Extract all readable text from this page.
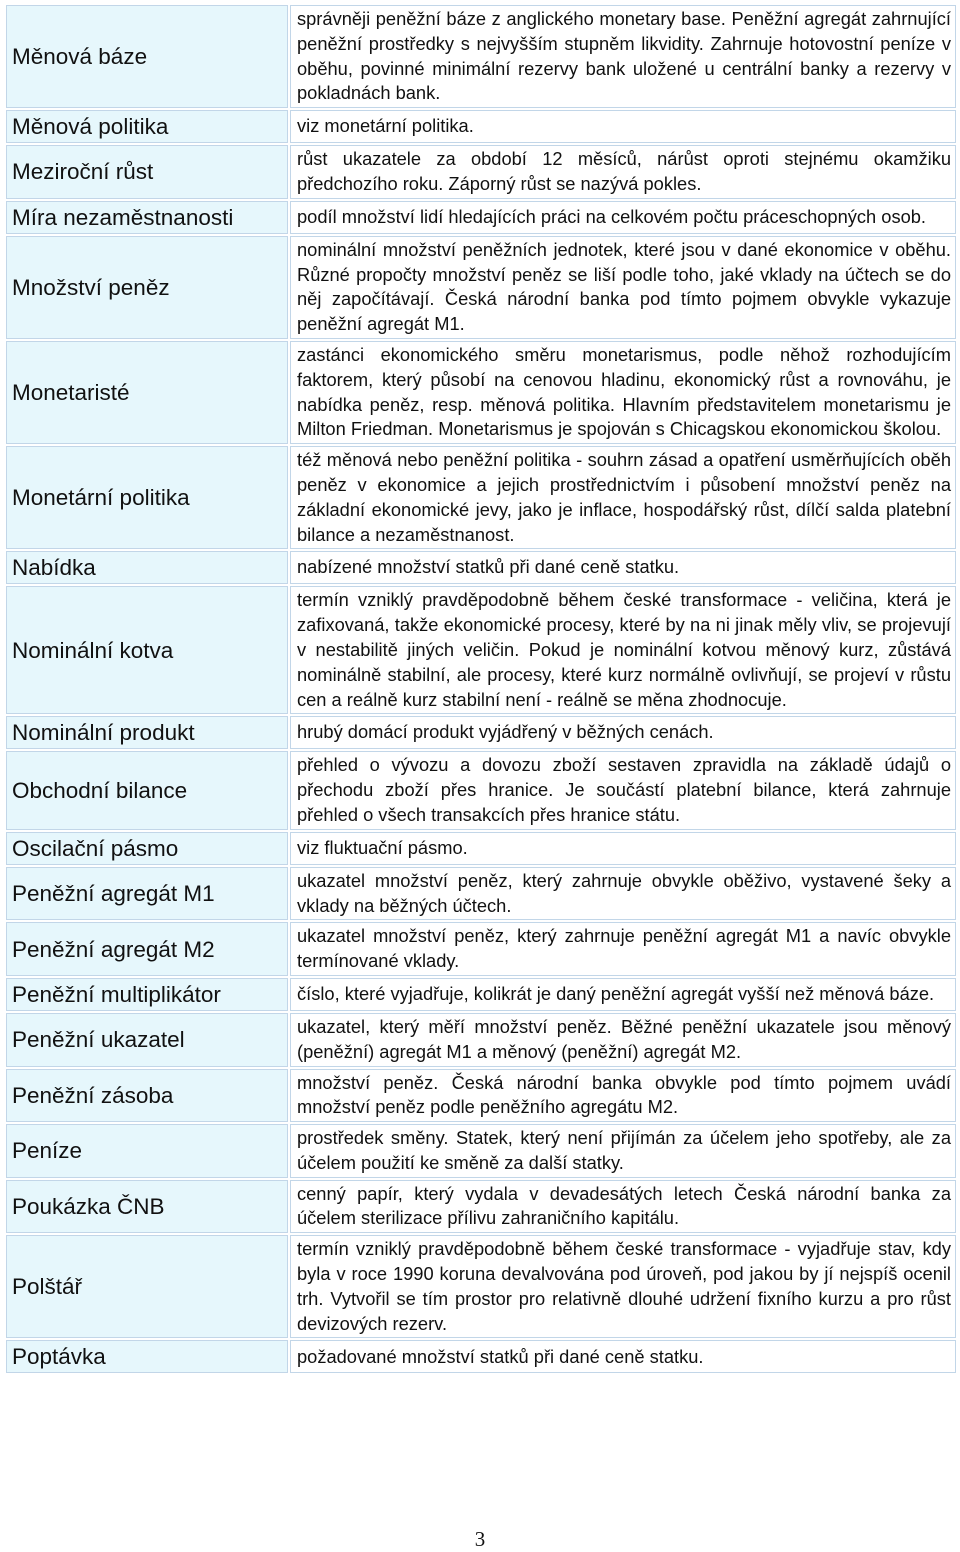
Měnová báze	správněji peněžní báze z anglického monetary base. Peněžní agregát zahrnující peněžní prostředky s nejvyšším stupněm likvidity. Zahrnuje hotovostní peníze v oběhu, povinné minimální rezervy bank uložené u centrální banky a rezervy v pokladnách bank.
Měnová politika	viz monetární politika.
Meziroční růst	růst ukazatele za období 12 měsíců, nárůst oproti stejnému okamžiku předchozího roku. Záporný růst se nazývá pokles.
Míra nezaměstnanosti	podíl množství lidí hledajících práci na celkovém počtu práceschopných osob.
Množství peněz	nominální množství peněžních jednotek, které jsou v dané ekonomice v oběhu. Různé propočty množství peněz se liší podle toho, jaké vklady na účtech se do něj započítávají. Česká národní banka pod tímto pojmem obvykle vykazuje peněžní agregát M1.
Monetaristé	zastánci ekonomického směru monetarismus, podle něhož rozhodujícím faktorem, který působí na cenovou hladinu, ekonomický růst a rovnováhu, je nabídka peněz, resp. měnová politika. Hlavním představitelem monetarismu je Milton Friedman. Monetarismus je spojován s Chicagskou ekonomickou školou.
Monetární politika	též měnová nebo peněžní politika - souhrn zásad a opatření usměrňujících oběh peněz v ekonomice a jejich prostřednictvím i působení množství peněz na základní ekonomické jevy, jako je inflace, hospodářský růst, dílčí salda platební bilance a nezaměstnanost.
Nabídka	nabízené množství statků při dané ceně statku.
Nominální kotva	termín vzniklý pravděpodobně během české transformace - veličina, která je zafixovaná, takže ekonomické procesy, které by na ni jinak měly vliv, se projevují v nestabilitě jiných veličin. Pokud je nominální kotvou měnový kurz, zůstává nominálně stabilní, ale procesy, které kurz normálně ovlivňují, se projeví v růstu cen a reálně kurz stabilní není - reálně se měna zhodnocuje.
Nominální produkt	hrubý domácí produkt vyjádřený v běžných cenách.
Obchodní bilance	přehled o vývozu a dovozu zboží sestaven zpravidla na základě údajů o přechodu zboží přes hranice. Je součástí platební bilance, která zahrnuje přehled o všech transakcích přes hranice státu.
Oscilační pásmo	viz fluktuační pásmo.
Peněžní agregát M1	ukazatel množství peněz, který zahrnuje obvykle oběživo, vystavené šeky a vklady na běžných účtech.
Peněžní agregát M2	ukazatel množství peněz, který zahrnuje peněžní agregát M1 a navíc obvykle termínované vklady.
Peněžní multiplikátor	číslo, které vyjadřuje, kolikrát je daný peněžní agregát vyšší než měnová báze.
Peněžní ukazatel	ukazatel, který měří množství peněz. Běžné peněžní ukazatele jsou měnový (peněžní) agregát M1 a měnový (peněžní) agregát M2.
Peněžní zásoba	množství peněz. Česká národní banka obvykle pod tímto pojmem uvádí množství peněz podle peněžního agregátu M2.
Peníze	prostředek směny. Statek, který není přijímán za účelem jeho spotřeby, ale za účelem použití ke směně za další statky.
Poukázka ČNB	cenný papír, který vydala v devadesátých letech Česká národní banka za účelem sterilizace přílivu zahraničního kapitálu.
Polštář	termín vzniklý pravděpodobně během české transformace - vyjadřuje stav, kdy byla v roce 1990 koruna devalvována pod úroveň, pod jakou by jí nejspíš ocenil trh. Vytvořil se tím prostor pro relativně dlouhé udržení fixního kurzu a pro růst devizových rezerv.
Poptávka	požadované množství statků při dané ceně statku.
3
